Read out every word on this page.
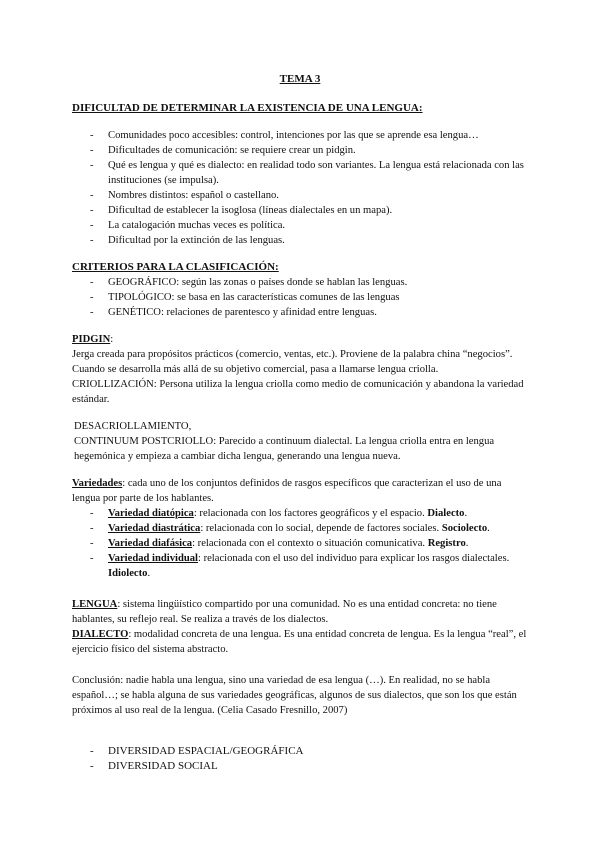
TEMA 3

DIFICULTAD DE DETERMINAR LA EXISTENCIA DE UNA LENGUA:

- Comunidades poco accesibles: control, intenciones por las que se aprende esa lengua…
- Dificultades de comunicación: se requiere crear un pidgin.
- Qué es lengua y qué es dialecto: en realidad todo son variantes. La lengua está relacionada con las instituciones (se impulsa).
- Nombres distintos: español o castellano.
- Dificultad de establecer la isoglosa (líneas dialectales en un mapa).
- La catalogación muchas veces es política.
- Dificultad por la extinción de las lenguas.

CRITERIOS PARA LA CLASIFICACIÓN:

- GEOGRÁFICO: según las zonas o países donde se hablan las lenguas.
- TIPOLÓGICO: se basa en las características comunes de las lenguas
- GENÉTICO: relaciones de parentesco y afinidad entre lenguas.

PIDGIN:

Jerga creada para propósitos prácticos (comercio, ventas, etc.). Proviene de la palabra china “negocios”. Cuando se desarrolla más allá de su objetivo comercial, pasa a llamarse lengua criolla.

CRIOLLIZACIÓN: Persona utiliza la lengua criolla como medio de comunicación y abandona la variedad estándar.

DESACRIOLLAMIENTO,

CONTINUUM POSTCRIOLLO: Parecido a continuum dialectal. La lengua criolla entra en lengua hegemónica y empieza a cambiar dicha lengua, generando una lengua nueva.

Variedades: cada uno de los conjuntos definidos de rasgos específicos que caracterizan el uso de una lengua por parte de los hablantes.

- Variedad diatópica: relacionada con los factores geográficos y el espacio. Dialecto.
- Variedad diastrática: relacionada con lo social, depende de factores sociales. Sociolecto.
- Variedad diafásica: relacionada con el contexto o situación comunicativa. Registro.
- Variedad individual: relacionada con el uso del individuo para explicar los rasgos dialectales. Idiolecto.

LENGUA: sistema lingüístico compartido por una comunidad. No es una entidad concreta: no tiene hablantes, su reflejo real. Se realiza a través de los dialectos.

DIALECTO: modalidad concreta de una lengua. Es una entidad concreta de lengua. Es la lengua “real”, el ejercicio físico del sistema abstracto.

Conclusión: nadie habla una lengua, sino una variedad de esa lengua (…). En realidad, no se habla español…; se habla alguna de sus variedades geográficas, algunos de sus dialectos, que son los que están próximos al uso real de la lengua. (Celia Casado Fresnillo, 2007)

- DIVERSIDAD ESPACIAL/GEOGRÁFICA
- DIVERSIDAD SOCIAL
